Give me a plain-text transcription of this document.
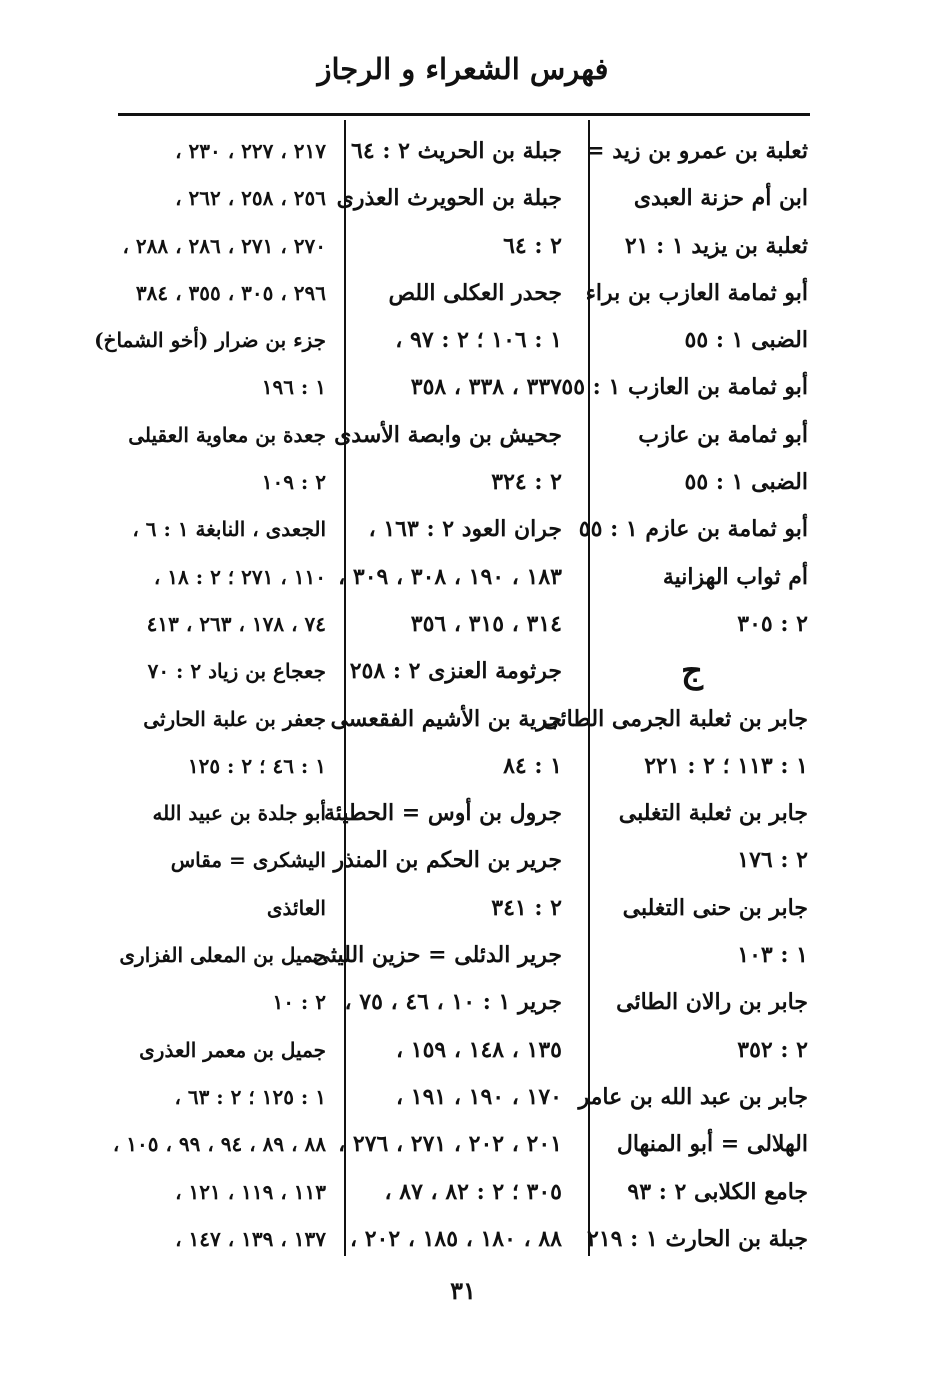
فهرس الشعراء و الرجاز
ثعلبة بن عمرو بن زيد =
ابن أم حزنة العبدى
ثعلبة بن يزيد ١ : ٢١
أبو ثمامة العازب بن براء
الضبى ١ : ٥٥
أبو ثمامة بن العازب ١ : ٥٥
أبو ثمامة بن عازب
الضبى ١ : ٥٥
أبو ثمامة بن عازم ١ : ٥٥
أم ثواب الهزانية
٢ : ٣٠٥
ج
جابر بن ثعلبة الجرمى الطائى
١ : ١١٣ ؛ ٢ : ٢٢١
جابر بن ثعلبة التغلبى
٢ : ١٧٦
جابر بن حنى التغلبى
١ : ١٠٣
جابر بن رالان الطائى
٢ : ٣٥٢
جابر بن عبد الله بن عامر
الهلالى = أبو المنهال
جامع الكلابى ٢ : ٩٣
جبلة بن الحارث ١ : ٢١٩
جبلة بن الحريث ٢ : ٦٤
جبلة بن الحويرث العذرى
٢ : ٦٤
جحدر العكلى اللص
١ : ١٠٦ ؛ ٢ : ٩٧ ،
٣٣٧ ، ٣٣٨ ، ٣٥٨
جحيش بن وابصة الأسدى
٢ : ٣٢٤
جران العود ٢ : ١٦٣ ،
١٨٣ ، ١٩٠ ، ٣٠٨ ، ٣٠٩ ،
٣١٤ ، ٣١٥ ، ٣٥٦
جرثومة العنزى ٢ : ٢٥٨
جرية بن الأشيم الفقعسى
١ : ٨٤
جرول بن أوس = الحطيئة
جرير بن الحكم بن المنذر
٢ : ٣٤١
جرير الدئلى = حزين الليثى
جرير ١ : ١٠ ، ٤٦ ، ٧٥ ،
١٣٥ ، ١٤٨ ، ١٥٩ ،
١٧٠ ، ١٩٠ ، ١٩١ ،
٢٠١ ، ٢٠٢ ، ٢٧١ ، ٢٧٦ ،
٣٠٥ ؛ ٢ : ٨٢ ، ٨٧ ،
٨٨ ، ١٨٠ ، ١٨٥ ، ٢٠٢ ،
٢١٧ ، ٢٢٧ ، ٢٣٠ ،
٢٥٦ ، ٢٥٨ ، ٢٦٢ ،
٢٧٠ ، ٢٧١ ، ٢٨٦ ، ٢٨٨ ،
٢٩٦ ، ٣٠٥ ، ٣٥٥ ، ٣٨٤
جزء بن ضرار (أخو الشماخ)
١ : ١٩٦
جعدة بن معاوية العقيلى
٢ : ١٠٩
الجعدى ، النابغة ١ : ٦ ،
١١٠ ، ٢٧١ ؛ ٢ : ١٨ ،
٧٤ ، ١٧٨ ، ٢٦٣ ، ٤١٣
جعجاع بن زياد ٢ : ٧٠
جعفر بن علبة الحارثى
١ : ٤٦ ؛ ٢ : ١٢٥
أبو جلدة بن عبيد الله
اليشكرى = مقاس
العائذى
جميل بن المعلى الفزارى
٢ : ١٠
جميل بن معمر العذرى
١ : ١٢٥ ؛ ٢ : ٦٣ ،
٨٨ ، ٨٩ ، ٩٤ ، ٩٩ ، ١٠٥ ،
١١٣ ، ١١٩ ، ١٢١ ،
١٣٧ ، ١٣٩ ، ١٤٧ ،
٣١
